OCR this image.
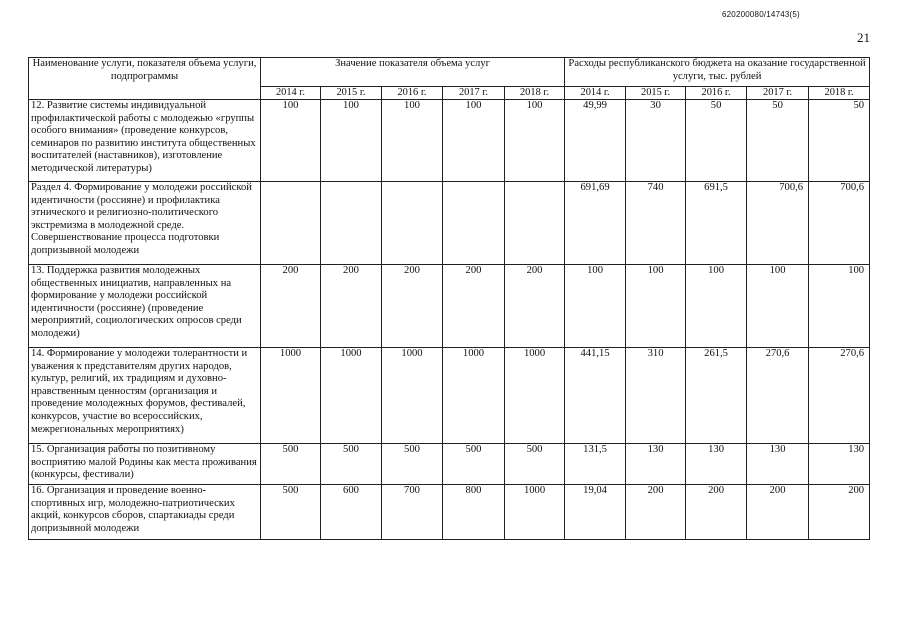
620200080/14743(5)
21
Наименование услуги, показателя объема услуги, подпрограммы	Значение показателя объема услуг					Расходы республиканского бюджета на оказание государственной услуги, тыс. рублей				
	2014 г.	2015 г.	2016 г.	2017 г.	2018 г.	2014 г.	2015 г.	2016 г.	2017 г.	2018 г.
12. Развитие системы индивидуальной профилактической работы с молодежью «группы особого внимания» (проведение конкурсов, семинаров по развитию института общественных воспитателей (наставников), изготовление методической литературы)	100	100	100	100	100	49,99	30	50	50	50
Раздел 4. Формирование у молодежи российской идентичности (россияне) и профилактика этнического и религиозно-политического экстремизма в молодежной среде. Совершенствование процесса подготовки допризывной молодежи						691,69	740	691,5	700,6	700,6
13. Поддержка развития молодежных общественных инициатив, направленных на формирование у молодежи российской идентичности (россияне) (проведение мероприятий, социологических опросов среди молодежи)	200	200	200	200	200	100	100	100	100	100
14. Формирование у молодежи толерантности и уважения к представителям других народов, культур, религий, их традициям и духовно-нравственным ценностям (организация и проведение молодежных форумов, фестивалей, конкурсов, участие во всероссийских, межрегиональных мероприятиях)	1000	1000	1000	1000	1000	441,15	310	261,5	270,6	270,6
15. Организация работы по позитивному восприятию малой Родины как места проживания (конкурсы, фестивали)	500	500	500	500	500	131,5	130	130	130	130
16. Организация и проведение военно-спортивных игр, молодежно-патриотических акций, конкурсов сборов, спартакиады среди допризывной молодежи	500	600	700	800	1000	19,04	200	200	200	200
